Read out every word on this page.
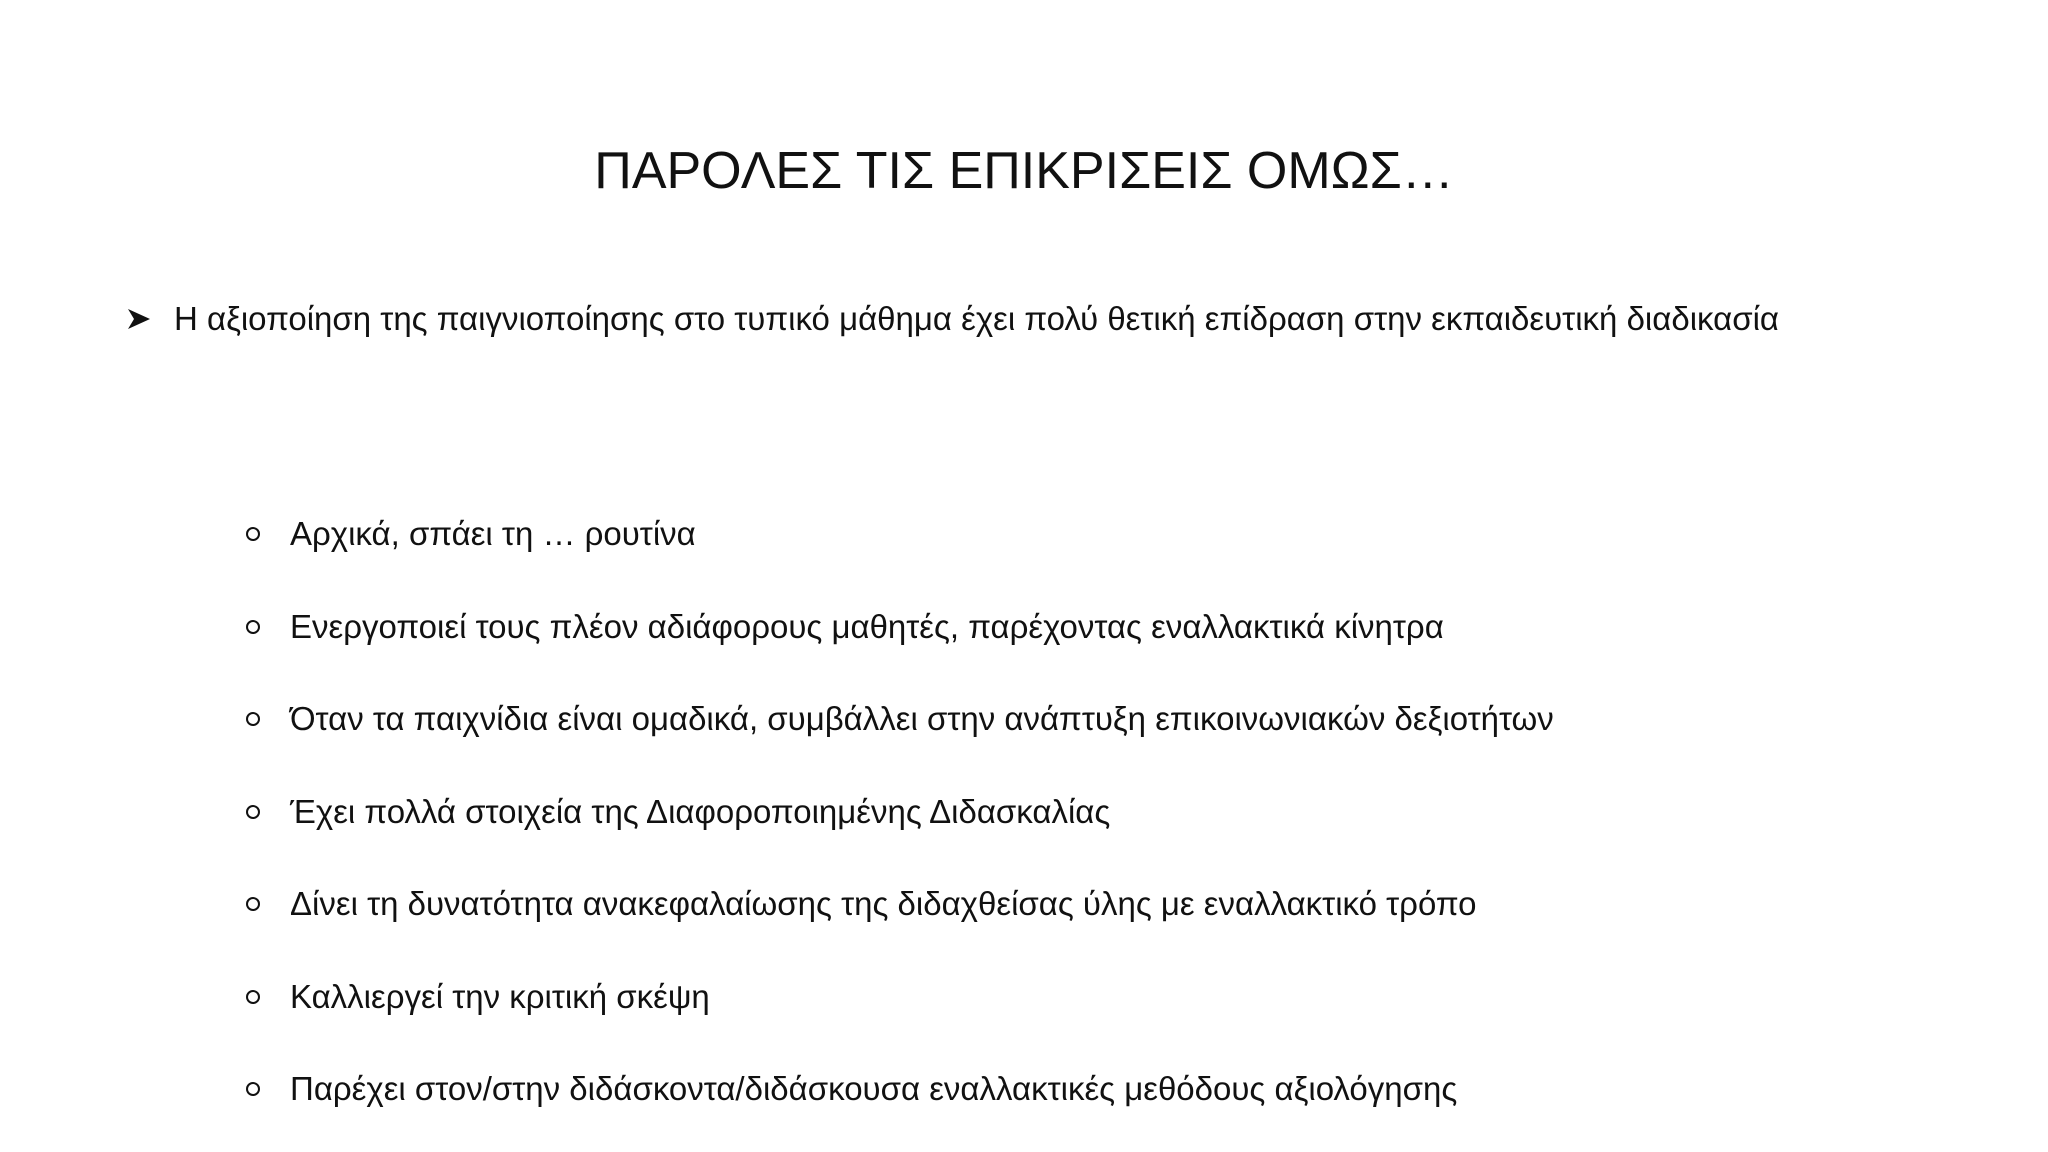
ΠΑΡΟΛΕΣ ΤΙΣ ΕΠΙΚΡΙΣΕΙΣ ΟΜΩΣ…
Η αξιοποίηση της παιγνιοποίησης στο τυπικό μάθημα έχει πολύ θετική επίδραση στην εκπαιδευτική διαδικασία
Αρχικά, σπάει τη … ρουτίνα
Ενεργοποιεί τους πλέον αδιάφορους μαθητές, παρέχοντας εναλλακτικά κίνητρα
Όταν τα παιχνίδια είναι ομαδικά, συμβάλλει στην ανάπτυξη επικοινωνιακών δεξιοτήτων
Έχει πολλά στοιχεία της Διαφοροποιημένης Διδασκαλίας
Δίνει τη δυνατότητα ανακεφαλαίωσης της διδαχθείσας ύλης με εναλλακτικό τρόπο
Καλλιεργεί την κριτική σκέψη
Παρέχει στον/στην διδάσκοντα/διδάσκουσα εναλλακτικές μεθόδους αξιολόγησης
